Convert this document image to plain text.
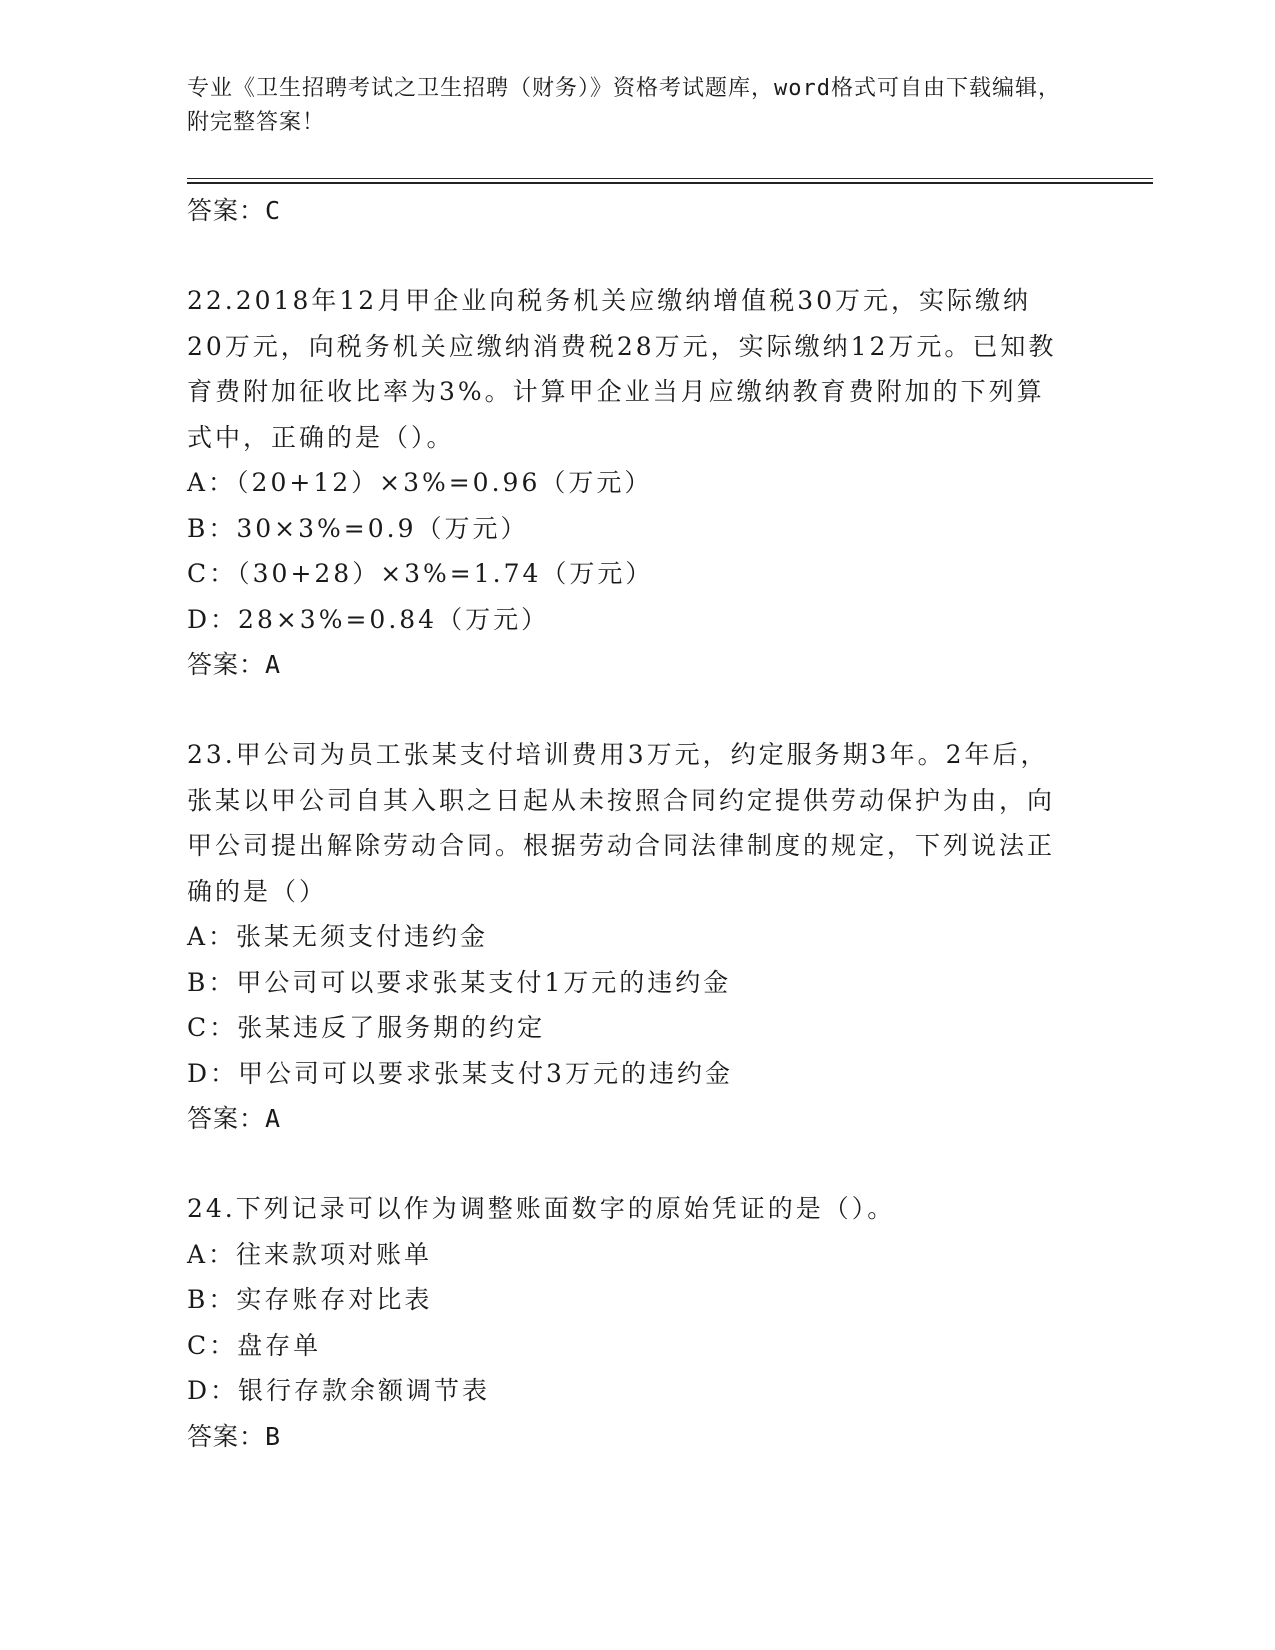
专业《卫生招聘考试之卫生招聘（财务）》资格考试题库，word格式可自由下载编辑，附完整答案！
答案：C
22.2018年12月甲企业向税务机关应缴纳增值税30万元，实际缴纳20万元，向税务机关应缴纳消费税28万元，实际缴纳12万元。已知教育费附加征收比率为3%。计算甲企业当月应缴纳教育费附加的下列算式中，正确的是（）。
A：（20+12）×3%=0.96（万元）
B：30×3%=0.9（万元）
C：（30+28）×3%=1.74（万元）
D：28×3%=0.84（万元）
答案：A
23.甲公司为员工张某支付培训费用3万元，约定服务期3年。2年后，张某以甲公司自其入职之日起从未按照合同约定提供劳动保护为由，向甲公司提出解除劳动合同。根据劳动合同法律制度的规定，下列说法正确的是（）
A：张某无须支付违约金
B：甲公司可以要求张某支付1万元的违约金
C：张某违反了服务期的约定
D：甲公司可以要求张某支付3万元的违约金
答案：A
24.下列记录可以作为调整账面数字的原始凭证的是（）。
A：往来款项对账单
B：实存账存对比表
C：盘存单
D：银行存款余额调节表
答案：B
